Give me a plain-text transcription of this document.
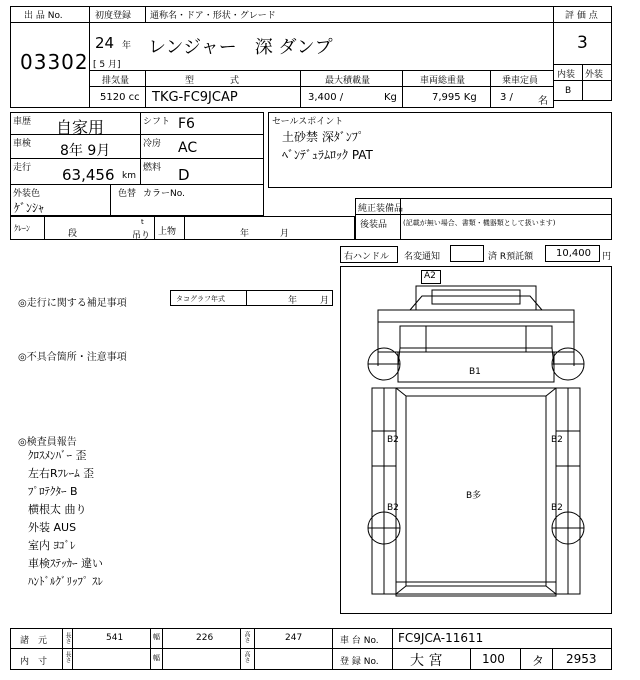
出 品 No.
03302
初度登録 通称名・ドア・形状・グレード	評 価 点
24 年
[ 5 月]
レンジャー　深 ダンプ	3
内装 外装
B
排気量	型　　　　式	最大積載量	車両総重量	乗車定員
5120 cc TKG-FC9JCAP	3,400 /	Kg	7,995 Kg 3 /	名
車歴 自家用	シフト F6
車検 8年 9月	冷房 AC
走行 63,456 km
燃料 D
外装色
ｹﾞﾝｼｬ
色替 カラーNo.
ｸﾚｰﾝ
段
t
吊り 上物	年	月
セールスポイント
土砂禁 深ﾀﾞﾝﾌﾟ
ﾍﾞﾝﾃﾞｭﾗﾑﾛｯｸ PAT
純正装備品
後装品 (記載が無い場合、書類・機器類として扱います)
右ハンドル 名変通知	済 R預託額 10,400 円
◎走行に関する補足事項	タコグラフ年式	年	月
◎不具合箇所・注意事項
◎検査員報告
ｸﾛｽﾒﾝﾊﾞｰ 歪
左右Rﾌﾚｰﾑ 歪
ﾌﾟﾛﾃｸﾀｰ B
横根太 曲り
外装 AUS
室内 ﾖｺﾞﾚ
車検ｽﾃｯｶｰ 違い
ﾊﾝﾄﾞﾙｸﾞﾘｯﾌﾟ ｽﾚ
A2
B1
B2	B2
B多
B2	B2
諸　元	長さ	541	幅	226	高さ	247	車 台 No. FC9JCA-11611
内　寸	長さ	幅	高さ	登 録 No. 大 宮	100 タ 2953
